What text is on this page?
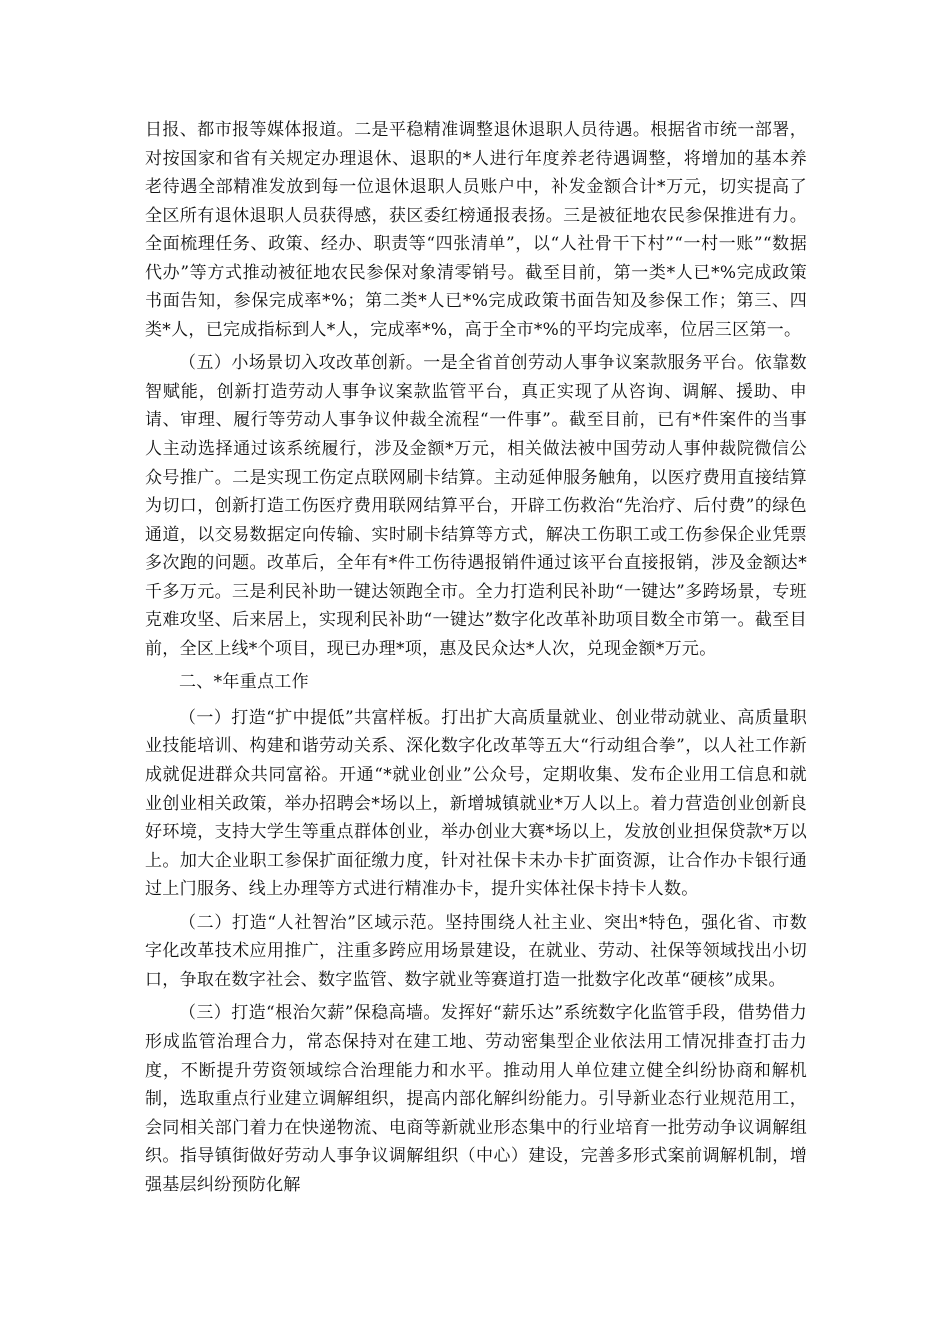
日报、都市报等媒体报道。二是平稳精准调整退休退职人员待遇。根据省市统一部署，对按国家和省有关规定办理退休、退职的*人进行年度养老待遇调整，将增加的基本养老待遇全部精准发放到每一位退休退职人员账户中，补发金额合计*万元，切实提高了全区所有退休退职人员获得感，获区委红榜通报表扬。三是被征地农民参保推进有力。全面梳理任务、政策、经办、职责等“四张清单”，以“人社骨干下村”“一村一账”“数据代办”等方式推动被征地农民参保对象清零销号。截至目前，第一类*人已*%完成政策书面告知，参保完成率*%；第二类*人已*%完成政策书面告知及参保工作；第三、四类*人，已完成指标到人*人，完成率*%，高于全市*%的平均完成率，位居三区第一。

（五）小场景切入攻改革创新。一是全省首创劳动人事争议案款服务平台。依靠数智赋能，创新打造劳动人事争议案款监管平台，真正实现了从咨询、调解、援助、申请、审理、履行等劳动人事争议仲裁全流程“一件事”。截至目前，已有*件案件的当事人主动选择通过该系统履行，涉及金额*万元，相关做法被中国劳动人事仲裁院微信公众号推广。二是实现工伤定点联网刷卡结算。主动延伸服务触角，以医疗费用直接结算为切口，创新打造工伤医疗费用联网结算平台，开辟工伤救治“先治疗、后付费”的绿色通道，以交易数据定向传输、实时刷卡结算等方式，解决工伤职工或工伤参保企业凭票多次跑的问题。改革后，全年有*件工伤待遇报销件通过该平台直接报销，涉及金额达*千多万元。三是利民补助一键达领跑全市。全力打造利民补助“一键达”多跨场景，专班克难攻坚、后来居上，实现利民补助“一键达”数字化改革补助项目数全市第一。截至目前，全区上线*个项目，现已办理*项，惠及民众达*人次，兑现金额*万元。

二、*年重点工作

（一）打造“扩中提低”共富样板。打出扩大高质量就业、创业带动就业、高质量职业技能培训、构建和谐劳动关系、深化数字化改革等五大“行动组合拳”，以人社工作新成就促进群众共同富裕。开通“*就业创业”公众号，定期收集、发布企业用工信息和就业创业相关政策，举办招聘会*场以上，新增城镇就业*万人以上。着力营造创业创新良好环境，支持大学生等重点群体创业，举办创业大赛*场以上，发放创业担保贷款*万以上。加大企业职工参保扩面征缴力度，针对社保卡未办卡扩面资源，让合作办卡银行通过上门服务、线上办理等方式进行精准办卡，提升实体社保卡持卡人数。

（二）打造“人社智治”区域示范。坚持围绕人社主业、突出*特色，强化省、市数字化改革技术应用推广，注重多跨应用场景建设，在就业、劳动、社保等领域找出小切口，争取在数字社会、数字监管、数字就业等赛道打造一批数字化改革“硬核”成果。

（三）打造“根治欠薪”保稳高墙。发挥好“薪乐达”系统数字化监管手段，借势借力形成监管治理合力，常态保持对在建工地、劳动密集型企业依法用工情况排查打击力度，不断提升劳资领域综合治理能力和水平。推动用人单位建立健全纠纷协商和解机制，选取重点行业建立调解组织，提高内部化解纠纷能力。引导新业态行业规范用工，会同相关部门着力在快递物流、电商等新就业形态集中的行业培育一批劳动争议调解组织。指导镇街做好劳动人事争议调解组织（中心）建设，完善多形式案前调解机制，增强基层纠纷预防化解
